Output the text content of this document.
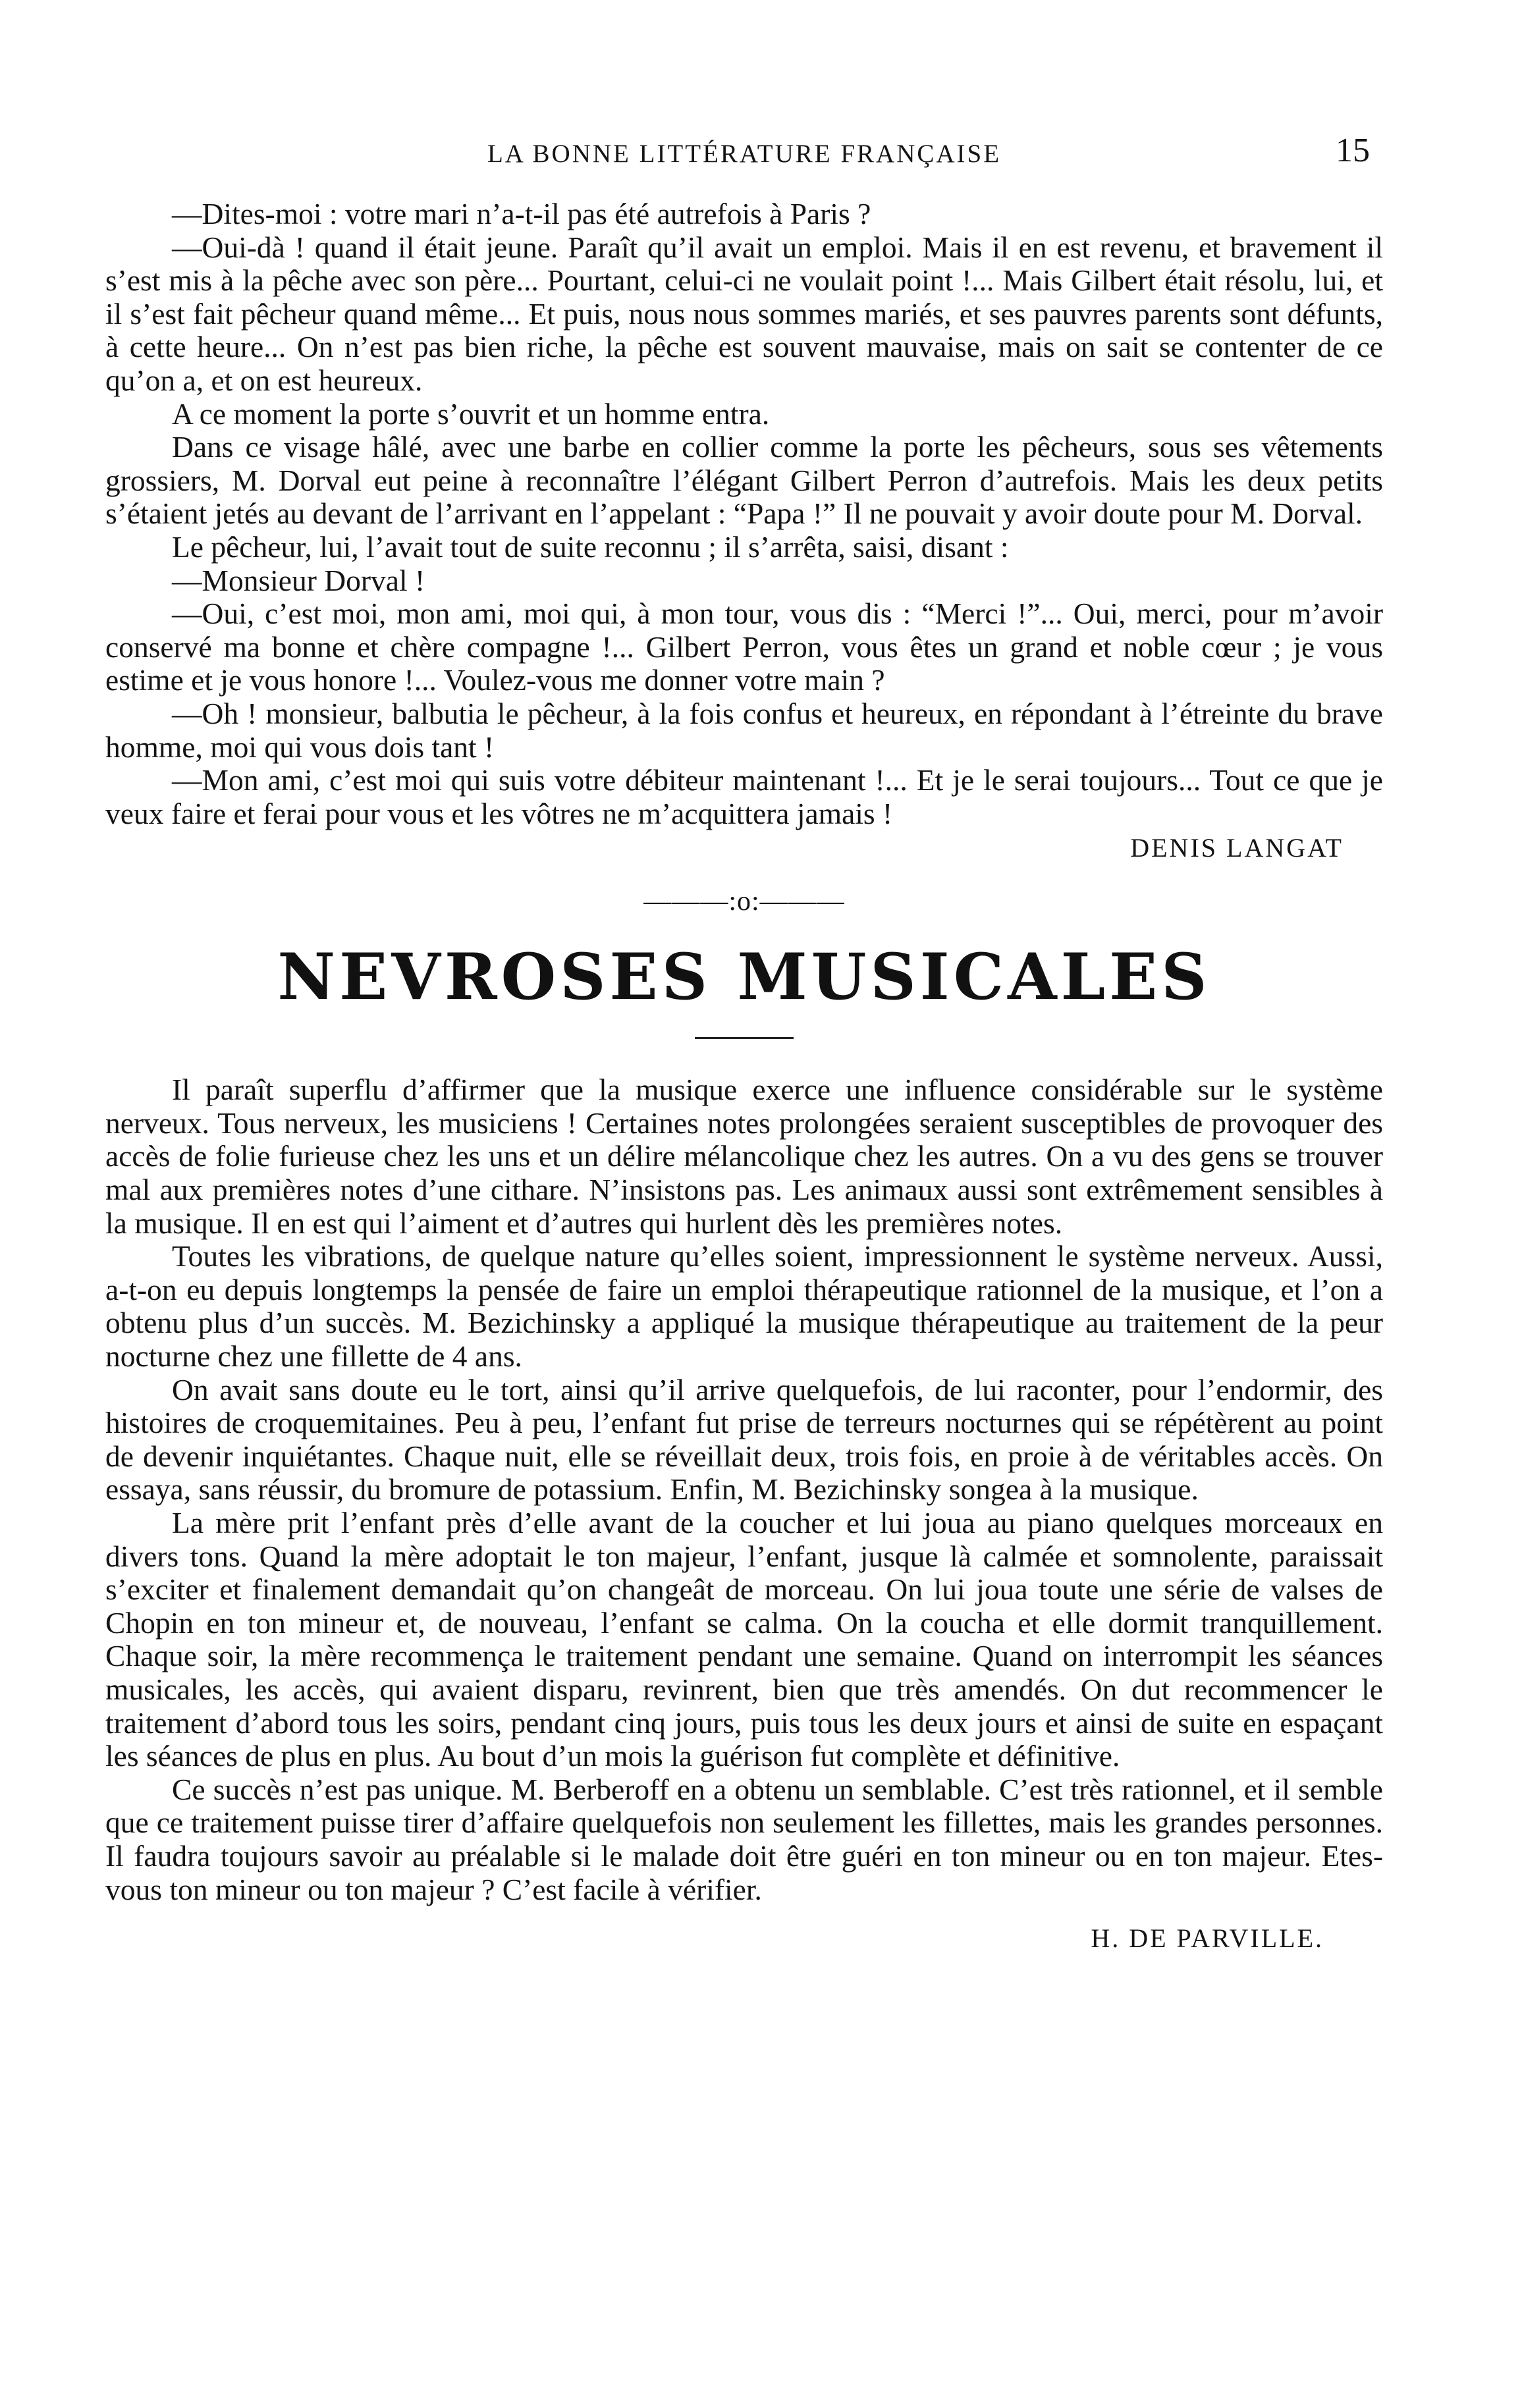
LA BONNE LITTÉRATURE FRANÇAISE	15

—Dites-moi : votre mari n’a-t-il pas été autrefois à Paris ?

—Oui-dà ! quand il était jeune. Paraît qu’il avait un emploi. Mais il en est revenu, et bravement il s’est mis à la pêche avec son père... Pourtant, celui-ci ne voulait point !... Mais Gilbert était résolu, lui, et il s’est fait pêcheur quand même... Et puis, nous nous sommes mariés, et ses pauvres parents sont défunts, à cette heure... On n’est pas bien riche, la pêche est souvent mauvaise, mais on sait se contenter de ce qu’on a, et on est heureux.

A ce moment la porte s’ouvrit et un homme entra.

Dans ce visage hâlé, avec une barbe en collier comme la porte les pêcheurs, sous ses vêtements grossiers, M. Dorval eut peine à reconnaître l’élégant Gilbert Perron d’autrefois. Mais les deux petits s’étaient jetés au devant de l’arrivant en l’appelant : “Papa !” Il ne pouvait y avoir doute pour M. Dorval.

Le pêcheur, lui, l’avait tout de suite reconnu ; il s’arrêta, saisi, disant :

—Monsieur Dorval !

—Oui, c’est moi, mon ami, moi qui, à mon tour, vous dis : “Merci !”... Oui, merci, pour m’avoir conservé ma bonne et chère compagne !... Gilbert Perron, vous êtes un grand et noble cœur ; je vous estime et je vous honore !... Voulez-vous me donner votre main ?

—Oh ! monsieur, balbutia le pêcheur, à la fois confus et heureux, en répondant à l’étreinte du brave homme, moi qui vous dois tant !

—Mon ami, c’est moi qui suis votre débiteur maintenant !... Et je le serai toujours... Tout ce que je veux faire et ferai pour vous et les vôtres ne m’acquittera jamais !

DENIS LANGAT
———:o:———
NEVROSES MUSICALES

Il paraît superflu d’affirmer que la musique exerce une influence considérable sur le système nerveux. Tous nerveux, les musiciens ! Certaines notes prolongées seraient susceptibles de provoquer des accès de folie furieuse chez les uns et un délire mélancolique chez les autres. On a vu des gens se trouver mal aux premières notes d’une cithare. N’insistons pas. Les animaux aussi sont extrêmement sensibles à la musique. Il en est qui l’aiment et d’autres qui hurlent dès les premières notes.

Toutes les vibrations, de quelque nature qu’elles soient, impressionnent le système nerveux. Aussi, a-t-on eu depuis longtemps la pensée de faire un emploi thérapeutique rationnel de la musique, et l’on a obtenu plus d’un succès. M. Bezichinsky a appliqué la musique thérapeutique au traitement de la peur nocturne chez une fillette de 4 ans.

On avait sans doute eu le tort, ainsi qu’il arrive quelquefois, de lui raconter, pour l’endormir, des histoires de croquemitaines. Peu à peu, l’enfant fut prise de terreurs nocturnes qui se répétèrent au point de devenir inquiétantes. Chaque nuit, elle se réveillait deux, trois fois, en proie à de véritables accès. On essaya, sans réussir, du bromure de potassium. Enfin, M. Bezichinsky songea à la musique.

La mère prit l’enfant près d’elle avant de la coucher et lui joua au piano quelques morceaux en divers tons. Quand la mère adoptait le ton majeur, l’enfant, jusque là calmée et somnolente, paraissait s’exciter et finalement demandait qu’on changeât de morceau. On lui joua toute une série de valses de Chopin en ton mineur et, de nouveau, l’enfant se calma. On la coucha et elle dormit tranquillement. Chaque soir, la mère recommença le traitement pendant une semaine. Quand on interrompit les séances musicales, les accès, qui avaient disparu, revinrent, bien que très amendés. On dut recommencer le traitement d’abord tous les soirs, pendant cinq jours, puis tous les deux jours et ainsi de suite en espaçant les séances de plus en plus. Au bout d’un mois la guérison fut complète et définitive.

Ce succès n’est pas unique. M. Berberoff en a obtenu un semblable. C’est très rationnel, et il semble que ce traitement puisse tirer d’affaire quelquefois non seulement les fillettes, mais les grandes personnes. Il faudra toujours savoir au préalable si le malade doit être guéri en ton mineur ou en ton majeur. Etes-vous ton mineur ou ton majeur ? C’est facile à vérifier.

H. DE PARVILLE.
